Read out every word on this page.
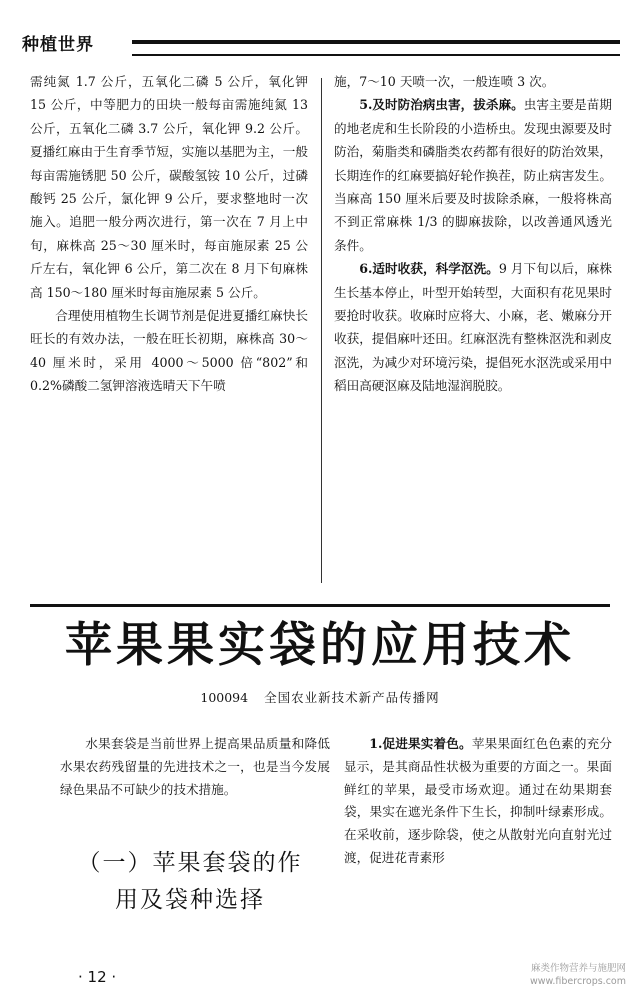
种植世界

需纯氮 1.7 公斤，五氧化二磷 5 公斤，氧化钾 15 公斤，中等肥力的田块一般每亩需施纯氮 13 公斤，五氧化二磷 3.7 公斤，氧化钾 9.2 公斤。夏播红麻由于生育季节短，实施以基肥为主，一般每亩需施锈肥 50 公斤，碳酸氢铵 10 公斤，过磷酸钙 25 公斤，氯化钾 9 公斤，要求整地时一次施入。追肥一般分两次进行，第一次在 7 月上中旬，麻株高 25～30 厘米时，每亩施尿素 25 公斤左右，氧化钾 6 公斤，第二次在 8 月下旬麻株高 150～180 厘米时每亩施尿素 5 公斤。

合理使用植物生长调节剂是促进夏播红麻快长旺长的有效办法，一般在旺长初期，麻株高 30～40 厘米时，采用 4000～5000 倍“802”和 0.2%磷酸二氢钾溶液选晴天下午喷

施，7～10 天喷一次，一般连喷 3 次。

5.及时防治病虫害，拔杀麻。虫害主要是苗期的地老虎和生长阶段的小造桥虫。发现虫源要及时防治，菊脂类和磷脂类农药都有很好的防治效果，长期连作的红麻要搞好轮作换茬，防止病害发生。当麻高 150 厘米后要及时拔除杀麻，一般将株高不到正常麻株 1/3 的脚麻拔除，以改善通风透光条件。

6.适时收获，科学沤洗。9 月下旬以后，麻株生长基本停止，叶型开始转型，大面积有花见果时要抢时收获。收麻时应将大、小麻，老、嫩麻分开收获，提倡麻叶还田。红麻沤洗有整株沤洗和剥皮沤洗，为减少对环境污染，提倡死水沤洗或采用中稻田高硬沤麻及陆地湿润脱胶。

苹果果实袋的应用技术
100094 全国农业新技术新产品传播网

水果套袋是当前世界上提高果品质量和降低水果农药残留量的先进技术之一，也是当今发展绿色果品不可缺少的技术措施。

（一）苹果套袋的作
用及袋种选择

1.促进果实着色。苹果果面红色色素的充分显示，是其商品性状极为重要的方面之一。果面鲜红的苹果，最受市场欢迎。通过在幼果期套袋，果实在遮光条件下生长，抑制叶绿素形成。在采收前，逐步除袋，使之从散射光向直射光过渡，促进花青素形

· 12 ·	麻类作物营养与施肥网
www.fibercrops.com
